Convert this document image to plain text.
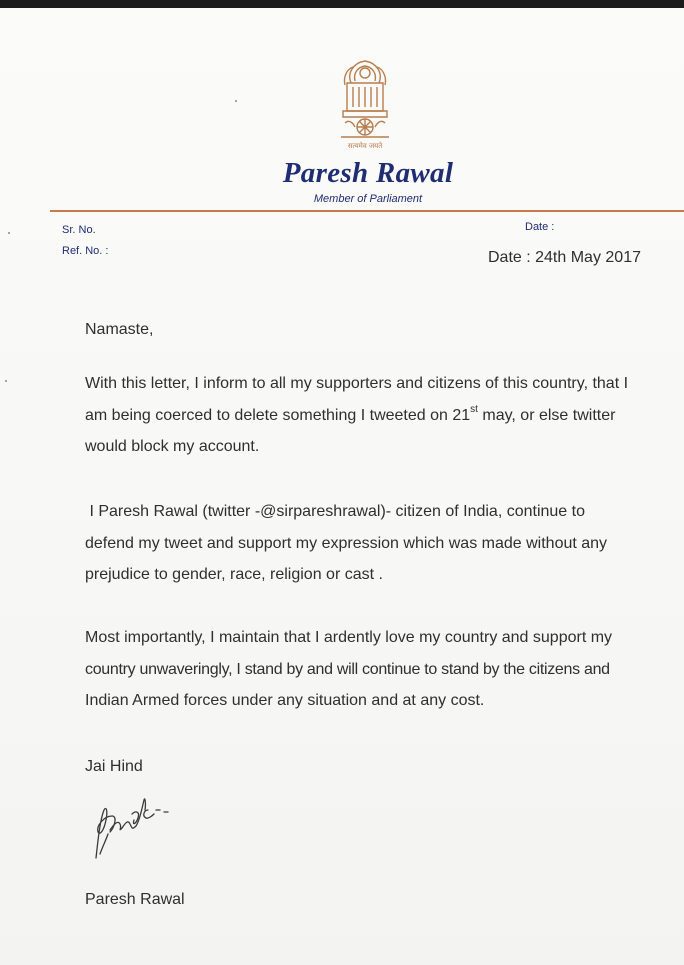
सत्यमेव जयते
Paresh Rawal
Member of Parliament
Sr. No.
Ref. No. :
Date :
Date : 24th May 2017
Namaste,
With this letter, I inform to all my supporters and citizens of this country, that I
am being coerced to delete something I tweeted on 21st may, or else twitter
would block my account.
I Paresh Rawal (twitter -@sirpareshrawal)- citizen of India, continue to
defend my tweet and support my expression which was made without any
prejudice to gender, race, religion or cast .
Most importantly, I maintain that I ardently love my country and support my
country unwaveringly, I stand by and will continue to stand by the citizens and
Indian Armed forces under any situation and at any cost.
Jai Hind
Paresh Rawal
